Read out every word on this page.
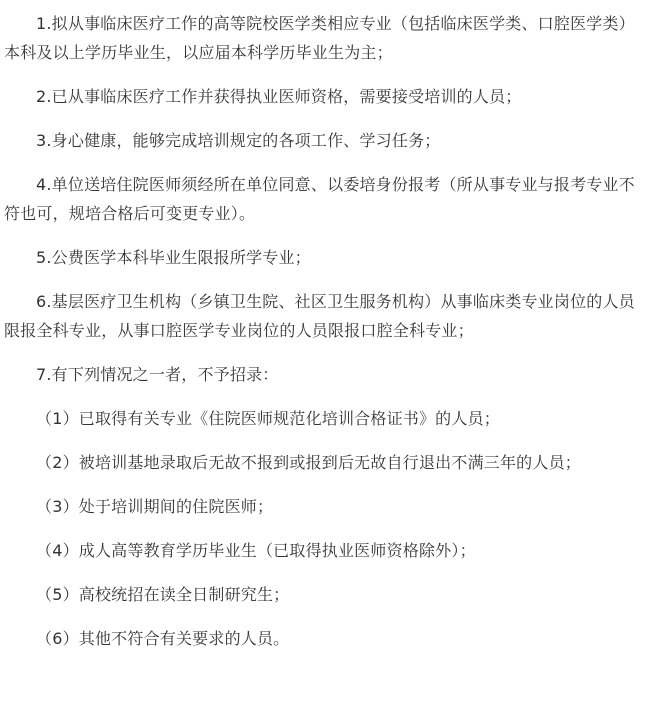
1.拟从事临床医疗工作的高等院校医学类相应专业（包括临床医学类、口腔医学类）本科及以上学历毕业生，以应届本科学历毕业生为主；

2.已从事临床医疗工作并获得执业医师资格，需要接受培训的人员；

3.身心健康，能够完成培训规定的各项工作、学习任务；

4.单位送培住院医师须经所在单位同意、以委培身份报考（所从事专业与报考专业不符也可，规培合格后可变更专业）。

5.公费医学本科毕业生限报所学专业；

6.基层医疗卫生机构（乡镇卫生院、社区卫生服务机构）从事临床类专业岗位的人员限报全科专业，从事口腔医学专业岗位的人员限报口腔全科专业；

7.有下列情况之一者，不予招录：

（1）已取得有关专业《住院医师规范化培训合格证书》的人员；

（2）被培训基地录取后无故不报到或报到后无故自行退出不满三年的人员；

（3）处于培训期间的住院医师；

（4）成人高等教育学历毕业生（已取得执业医师资格除外）；

（5）高校统招在读全日制研究生；

（6）其他不符合有关要求的人员。
